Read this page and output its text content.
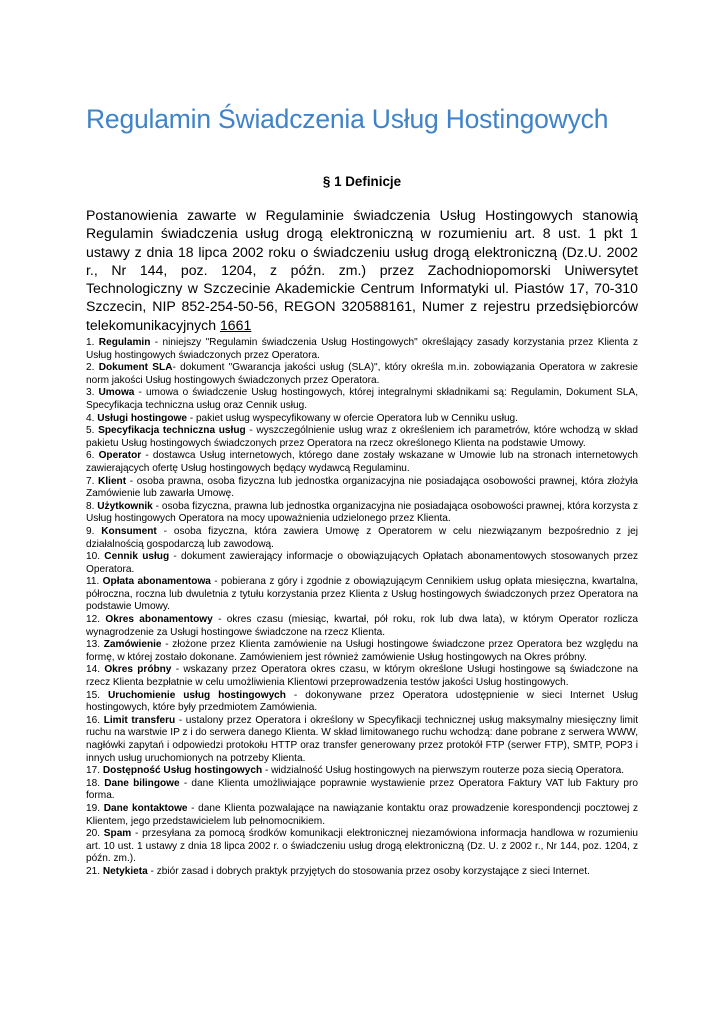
Regulamin Świadczenia Usług Hostingowych
§ 1 Definicje

Postanowienia zawarte w Regulaminie świadczenia Usług Hostingowych stanowią Regulamin świadczenia usług drogą elektroniczną w rozumieniu art. 8 ust. 1 pkt 1 ustawy z dnia 18 lipca 2002 roku o świadczeniu usług drogą elektroniczną (Dz.U. 2002 r., Nr 144, poz. 1204, z późn. zm.) przez Zachodniopomorski Uniwersytet Technologiczny w Szczecinie Akademickie Centrum Informatyki ul. Piastów 17, 70-310 Szczecin, NIP 852-254-50-56, REGON 320588161, Numer z rejestru przedsiębiorców telekomunikacyjnych 1661

1. Regulamin - niniejszy "Regulamin świadczenia Usług Hostingowych" określający zasady korzystania przez Klienta z Usług hostingowych świadczonych przez Operatora.
2. Dokument SLA- dokument "Gwarancja jakości usług (SLA)", który określa m.in. zobowiązania Operatora w zakresie norm jakości Usług hostingowych świadczonych przez Operatora.
3. Umowa - umowa o świadczenie Usług hostingowych, której integralnymi składnikami są: Regulamin, Dokument SLA, Specyfikacja techniczna usług oraz Cennik usług.
4. Usługi hostingowe - pakiet usług wyspecyfikowany w ofercie Operatora lub w Cenniku usług.
5. Specyfikacja techniczna usług - wyszczególnienie usług wraz z określeniem ich parametrów, które wchodzą w skład pakietu Usług hostingowych świadczonych przez Operatora na rzecz określonego Klienta na podstawie Umowy.
6. Operator - dostawca Usług internetowych, którego dane zostały wskazane w Umowie lub na stronach internetowych zawierających ofertę Usług hostingowych będący wydawcą Regulaminu.
7. Klient - osoba prawna, osoba fizyczna lub jednostka organizacyjna nie posiadająca osobowości prawnej, która złożyła Zamówienie lub zawarła Umowę.
8. Użytkownik - osoba fizyczna, prawna lub jednostka organizacyjna nie posiadająca osobowości prawnej, która korzysta z Usług hostingowych Operatora na mocy upoważnienia udzielonego przez Klienta.
9. Konsument - osoba fizyczna, która zawiera Umowę z Operatorem w celu niezwiązanym bezpośrednio z jej działalnością gospodarczą lub zawodową.
10. Cennik usług - dokument zawierający informacje o obowiązujących Opłatach abonamentowych stosowanych przez Operatora.
11. Opłata abonamentowa - pobierana z góry i zgodnie z obowiązującym Cennikiem usług opłata miesięczna, kwartalna, półroczna, roczna lub dwuletnia z tytułu korzystania przez Klienta z Usług hostingowych świadczonych przez Operatora na podstawie Umowy.
12. Okres abonamentowy - okres czasu (miesiąc, kwartał, pół roku, rok lub dwa lata), w którym Operator rozlicza wynagrodzenie za Usługi hostingowe świadczone na rzecz Klienta.
13. Zamówienie - złożone przez Klienta zamówienie na Usługi hostingowe świadczone przez Operatora bez względu na formę, w której zostało dokonane. Zamówieniem jest również zamówienie Usług hostingowych na Okres próbny.
14. Okres próbny - wskazany przez Operatora okres czasu, w którym określone Usługi hostingowe są świadczone na rzecz Klienta bezpłatnie w celu umożliwienia Klientowi przeprowadzenia testów jakości Usług hostingowych.
15. Uruchomienie usług hostingowych - dokonywane przez Operatora udostępnienie w sieci Internet Usług hostingowych, które były przedmiotem Zamówienia.
16. Limit transferu - ustalony przez Operatora i określony w Specyfikacji technicznej usług maksymalny miesięczny limit ruchu na warstwie IP z i do serwera danego Klienta. W skład limitowanego ruchu wchodzą: dane pobrane z serwera WWW, nagłówki zapytań i odpowiedzi protokołu HTTP oraz transfer generowany przez protokół FTP (serwer FTP), SMTP, POP3 i innych usług uruchomionych na potrzeby Klienta.
17. Dostępność Usług hostingowych - widzialność Usług hostingowych na pierwszym routerze poza siecią Operatora.
18. Dane bilingowe - dane Klienta umożliwiające poprawnie wystawienie przez Operatora Faktury VAT lub Faktury pro forma.
19. Dane kontaktowe - dane Klienta pozwalające na nawiązanie kontaktu oraz prowadzenie korespondencji pocztowej z Klientem, jego przedstawicielem lub pełnomocnikiem.
20. Spam - przesyłana za pomocą środków komunikacji elektronicznej niezamówiona informacja handlowa w rozumieniu art. 10 ust. 1 ustawy z dnia 18 lipca 2002 r. o świadczeniu usług drogą elektroniczną (Dz. U. z 2002 r., Nr 144, poz. 1204, z późn. zm.).
21. Netykieta - zbiór zasad i dobrych praktyk przyjętych do stosowania przez osoby korzystające z sieci Internet.
